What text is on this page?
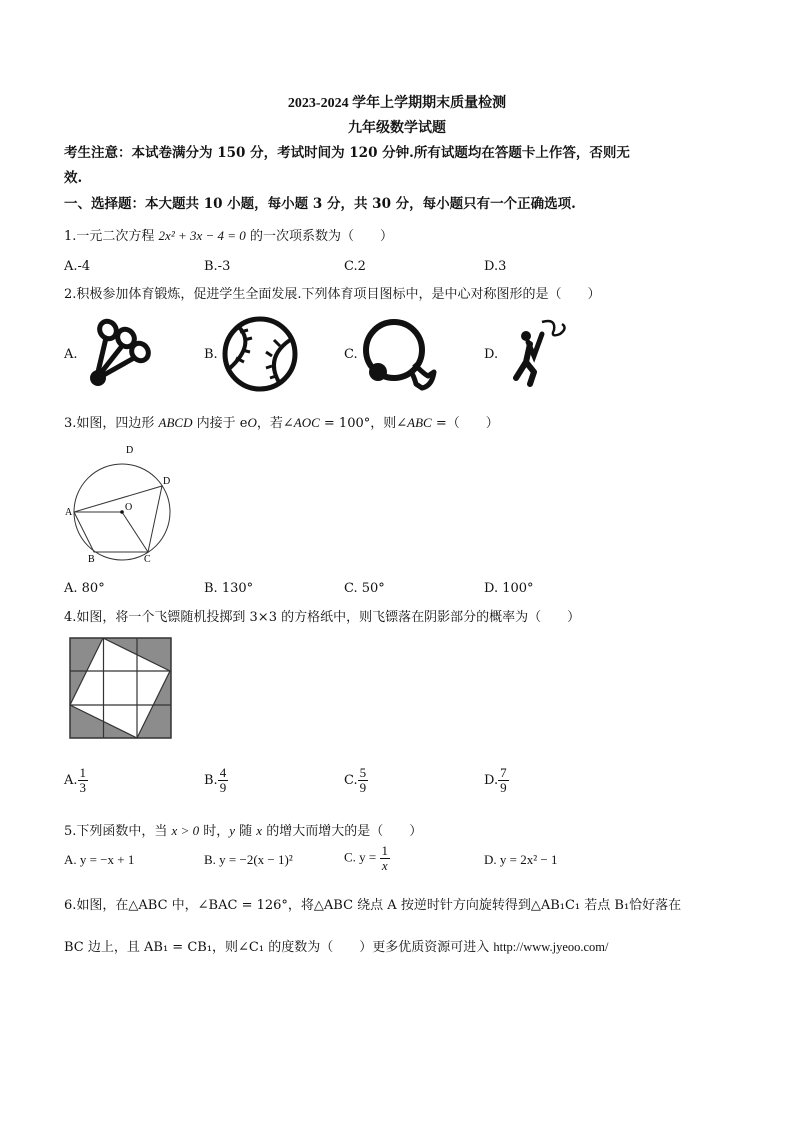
2023-2024 学年上学期期末质量检测
九年级数学试题
考生注意：本试卷满分为 150 分，考试时间为 120 分钟.所有试题均在答题卡上作答，否则无
效.
一、选择题：本大题共 10 小题，每小题 3 分，共 30 分，每小题只有一个正确选项.
1.一元二次方程 2x² + 3x − 4 = 0 的一次项系数为（　　）
A.-4	B.-3	C.2	D.3
2.积极参加体育锻炼，促进学生全面发展.下列体育项目图标中，是中心对称图形的是（　　）
A.	B.	C.	D.
3.如图，四边形 ABCD 内接于 eO，若∠AOC = 100°，则∠ABC =（　　）
D
D
A	O
B	C
A. 80°	B. 130°	C. 50°	D. 100°
4.如图，将一个飞镖随机投掷到 3×3 的方格纸中，则飞镖落在阴影部分的概率为（　　）
A. $\frac{1}{3}$	B. $\frac{4}{9}$	C. $\frac{5}{9}$	D. $\frac{7}{9}$
5.下列函数中，当 x > 0 时，y 随 x 的增大而增大的是（　　）
A. y = −x + 1	B. y = −2(x − 1)²	C. $y = \frac{1}{x}$	D. y = 2x² − 1
6.如图，在△ABC 中，∠BAC = 126°，将△ABC 绕点 A 按逆时针方向旋转得到△AB₁C₁ 若点 B₁恰好落在
BC 边上，且 AB₁ = CB₁，则∠C₁ 的度数为（　　）更多优质资源可进入 http://www.jyeoo.com/
